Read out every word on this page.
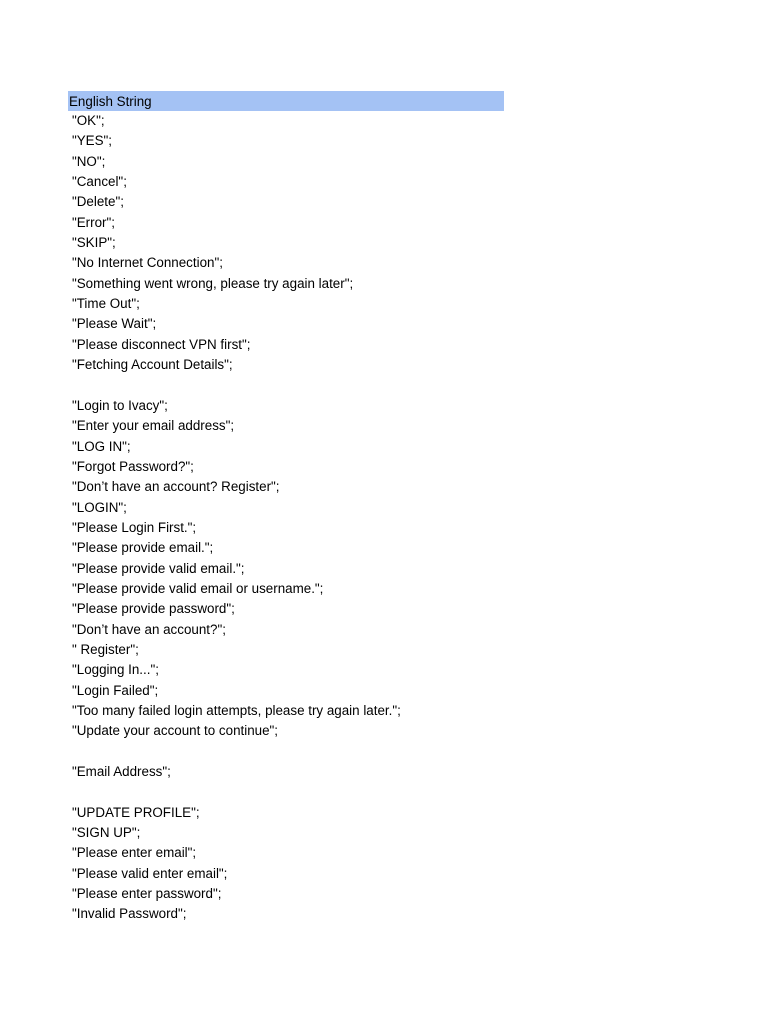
English String
"OK";
"YES";
"NO";
"Cancel";
"Delete";
"Error";
"SKIP";
"No Internet Connection";
"Something went wrong, please try again later";
"Time Out";
"Please Wait";
"Please disconnect VPN first";
"Fetching Account Details";
"Login to Ivacy";
"Enter your email address";
"LOG IN";
"Forgot Password?";
"Don’t have an account? Register";
"LOGIN";
"Please Login First.";
"Please provide email.";
"Please provide valid email.";
"Please provide valid email or username.";
"Please provide password";
"Don’t have an account?";
" Register";
"Logging In...";
"Login Failed";
"Too many failed login attempts, please try again later.";
"Update your account to continue";
"Email Address";
"UPDATE PROFILE";
"SIGN UP";
"Please enter email";
"Please valid enter email";
"Please enter password";
"Invalid Password";
